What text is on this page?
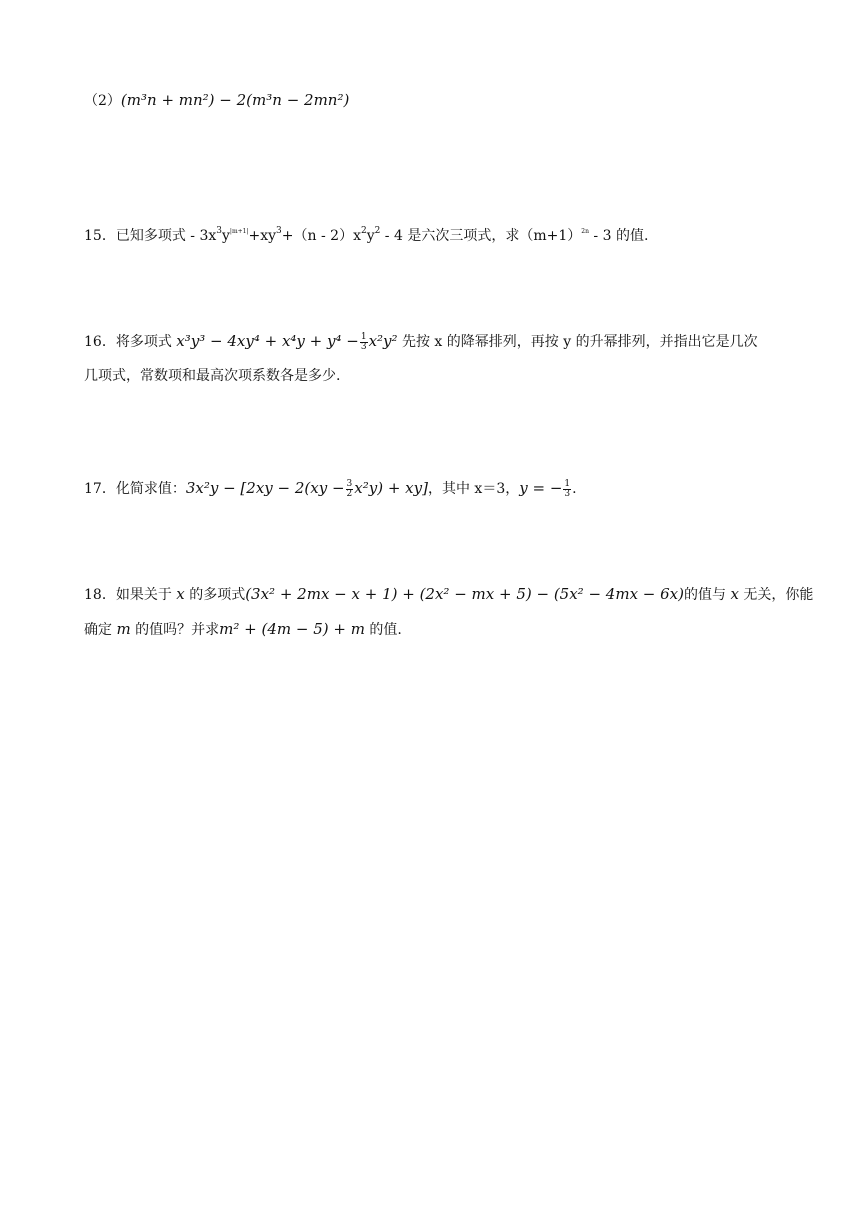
（2）(m³n + mn²) − 2(m³n − 2mn²)
15．已知多项式 - $3x^3y^{|m+1|}+xy^3+(n - 2)x^2y^2 - 4$ 是六次三项式，求$(m+1)^{2n} - 3$ 的值.
16．将多项式 $x^3y^3 - 4xy^4 + x^4y + y^4 - \frac{1}{3} x^2y^2$ 先按 x 的降幂排列，再按 y 的升幂排列，并指出它是几次
几项式，常数项和最高次项系数各是多少.
17．化简求值：$3x^2y - [2xy - 2(xy - \frac{3}{2} x^2y) + xy]$，其中 x＝3，y = − $\frac{1}{3}$ .
18．如果关于 x 的多项式(3x² + 2mx − x + 1) + (2x² − mx + 5) − (5x² − 4mx − 6x)的值与 x 无关，你能
确定 m 的值吗？并求m² + (4m − 5) + m 的值.
